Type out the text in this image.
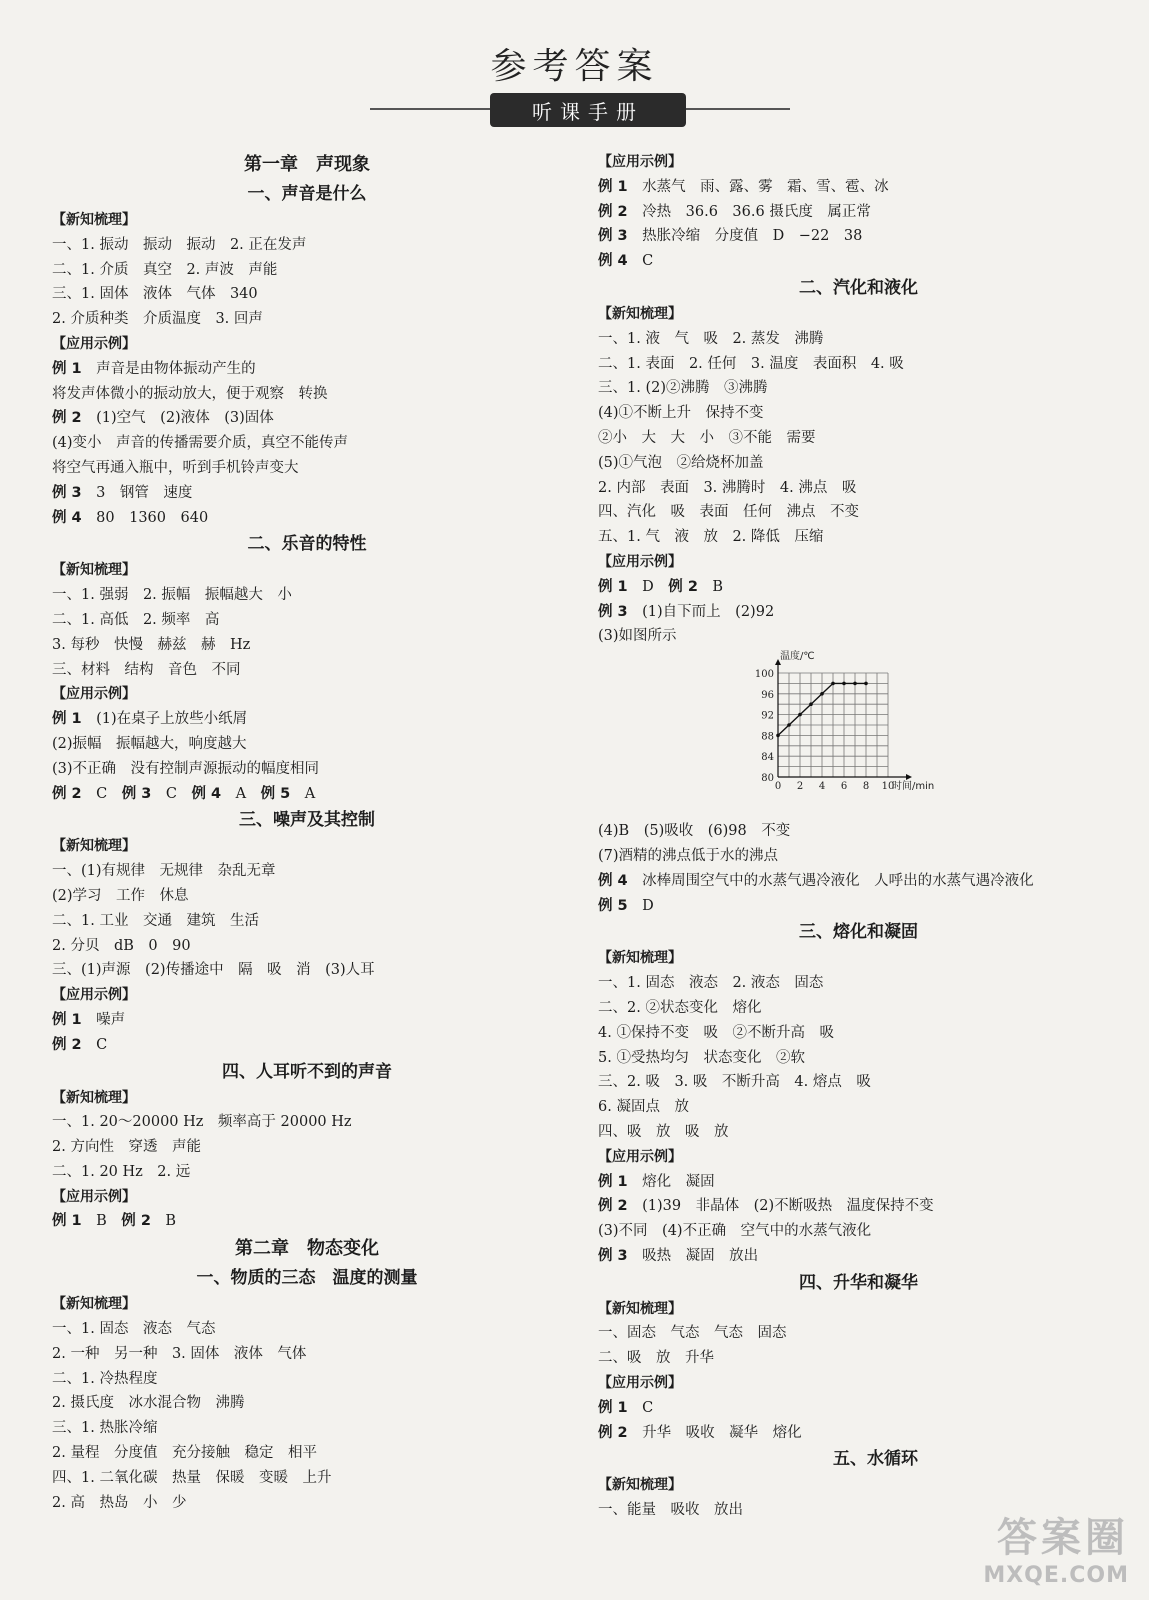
参考答案
听课手册
第一章　声现象
一、声音是什么
【新知梳理】
一、1. 振动　振动　振动　2. 正在发声
二、1. 介质　真空　2. 声波　声能
三、1. 固体　液体　气体　340
2. 介质种类　介质温度　3. 回声
【应用示例】
例 1　声音是由物体振动产生的
将发声体微小的振动放大，便于观察　转换
例 2　(1)空气　(2)液体　(3)固体
(4)变小　声音的传播需要介质，真空不能传声
将空气再通入瓶中，听到手机铃声变大
例 3　3　钢管　速度
例 4　80　1360　640
二、乐音的特性
【新知梳理】
一、1. 强弱　2. 振幅　振幅越大　小
二、1. 高低　2. 频率　高
3. 每秒　快慢　赫兹　赫　Hz
三、材料　结构　音色　不同
【应用示例】
例 1　(1)在桌子上放些小纸屑
(2)振幅　振幅越大，响度越大
(3)不正确　没有控制声源振动的幅度相同
例 2　C　例 3　C　例 4　A　例 5　A
三、噪声及其控制
【新知梳理】
一、(1)有规律　无规律　杂乱无章
(2)学习　工作　休息
二、1. 工业　交通　建筑　生活
2. 分贝　dB　0　90
三、(1)声源　(2)传播途中　隔　吸　消　(3)人耳
【应用示例】
例 1　噪声
例 2　C
四、人耳听不到的声音
【新知梳理】
一、1. 20～20000 Hz　频率高于 20000 Hz
2. 方向性　穿透　声能
二、1. 20 Hz　2. 远
【应用示例】
例 1　B　例 2　B
第二章　物态变化
一、物质的三态　温度的测量
【新知梳理】
一、1. 固态　液态　气态
2. 一种　另一种　3. 固体　液体　气体
二、1. 冷热程度
2. 摄氏度　冰水混合物　沸腾
三、1. 热胀冷缩
2. 量程　分度值　充分接触　稳定　相平
四、1. 二氧化碳　热量　保暖　变暖　上升
2. 高　热岛　小　少
【应用示例】
例 1　水蒸气　雨、露、雾　霜、雪、雹、冰
例 2　冷热　36.6　36.6 摄氏度　属正常
例 3　热胀冷缩　分度值　D　−22　38
例 4　C
二、汽化和液化
【新知梳理】
一、1. 液　气　吸　2. 蒸发　沸腾
二、1. 表面　2. 任何　3. 温度　表面积　4. 吸
三、1. (2)②沸腾　③沸腾
(4)①不断上升　保持不变
②小　大　大　小　③不能　需要
(5)①气泡　②给烧杯加盖
2. 内部　表面　3. 沸腾时　4. 沸点　吸
四、汽化　吸　表面　任何　沸点　不变
五、1. 气　液　放　2. 降低　压缩
【应用示例】
例 1　D　例 2　B
例 3　(1)自下而上　(2)92
(3)如图所示
80
84
88
92
96
100
0 2 4 6 8 10
温度/℃
时间/min
(4)B　(5)吸收　(6)98　不变
(7)酒精的沸点低于水的沸点
例 4　冰棒周围空气中的水蒸气遇冷液化　人呼出的水蒸气遇冷液化
例 5　D
三、熔化和凝固
【新知梳理】
一、1. 固态　液态　2. 液态　固态
二、2. ②状态变化　熔化
4. ①保持不变　吸　②不断升高　吸
5. ①受热均匀　状态变化　②软
三、2. 吸　3. 吸　不断升高　4. 熔点　吸
6. 凝固点　放
四、吸　放　吸　放
【应用示例】
例 1　熔化　凝固
例 2　(1)39　非晶体　(2)不断吸热　温度保持不变
(3)不同　(4)不正确　空气中的水蒸气液化
例 3　吸热　凝固　放出
四、升华和凝华
【新知梳理】
一、固态　气态　气态　固态
二、吸　放　升华
【应用示例】
例 1　C
例 2　升华　吸收　凝华　熔化
五、水循环
【新知梳理】
一、能量　吸收　放出
答案圈
MXQE.COM
